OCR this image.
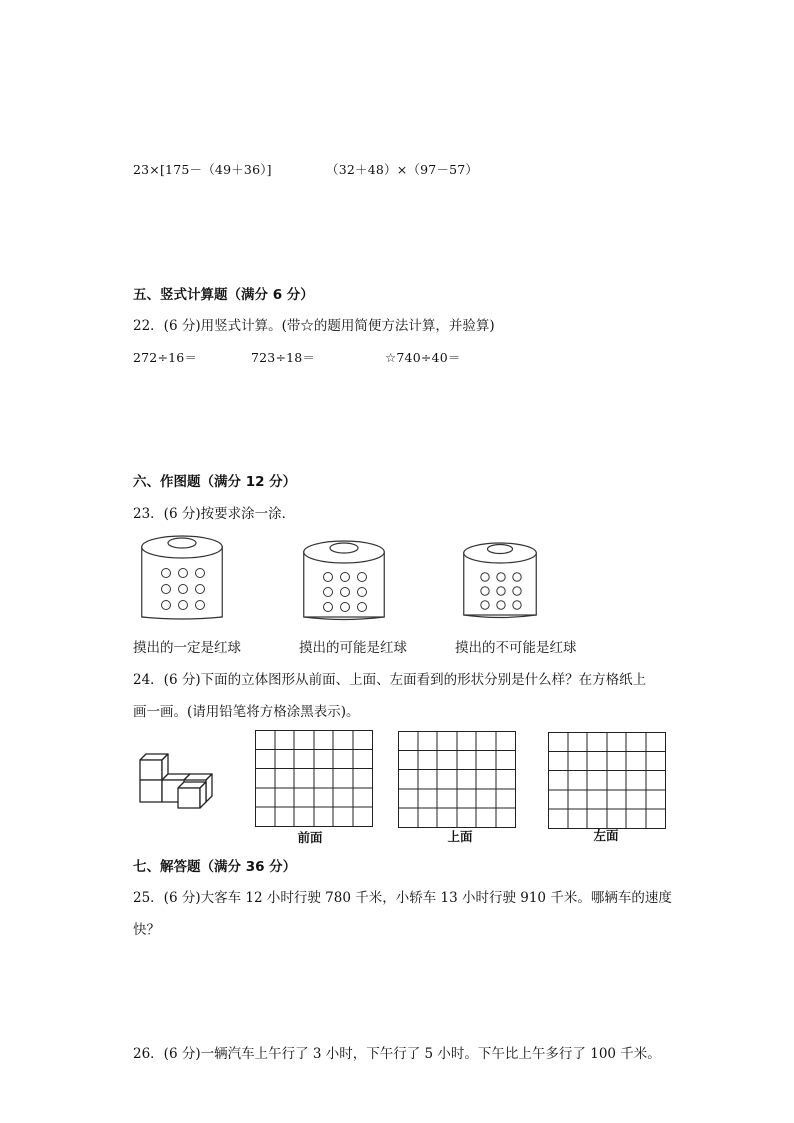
23×[175－（49＋36）]	（32＋48）×（97－57）
五、竖式计算题（满分 6 分）
22．(6 分)用竖式计算。(带☆的题用简便方法计算，并验算)
272÷16＝	723÷18＝	☆740÷40＝
六、作图题（满分 12 分）
23．(6 分)按要求涂一涂．
摸出的一定是红球	摸出的可能是红球	摸出的不可能是红球
24．(6 分)下面的立体图形从前面、上面、左面看到的形状分别是什么样？在方格纸上
画一画。(请用铅笔将方格涂黑表示)。
前面	上面	左面
七、解答题（满分 36 分）
25．(6 分)大客车 12 小时行驶 780 千米，小轿车 13 小时行驶 910 千米。哪辆车的速度
快？
26．(6 分)一辆汽车上午行了 3 小时，下午行了 5 小时。下午比上午多行了 100 千米。
